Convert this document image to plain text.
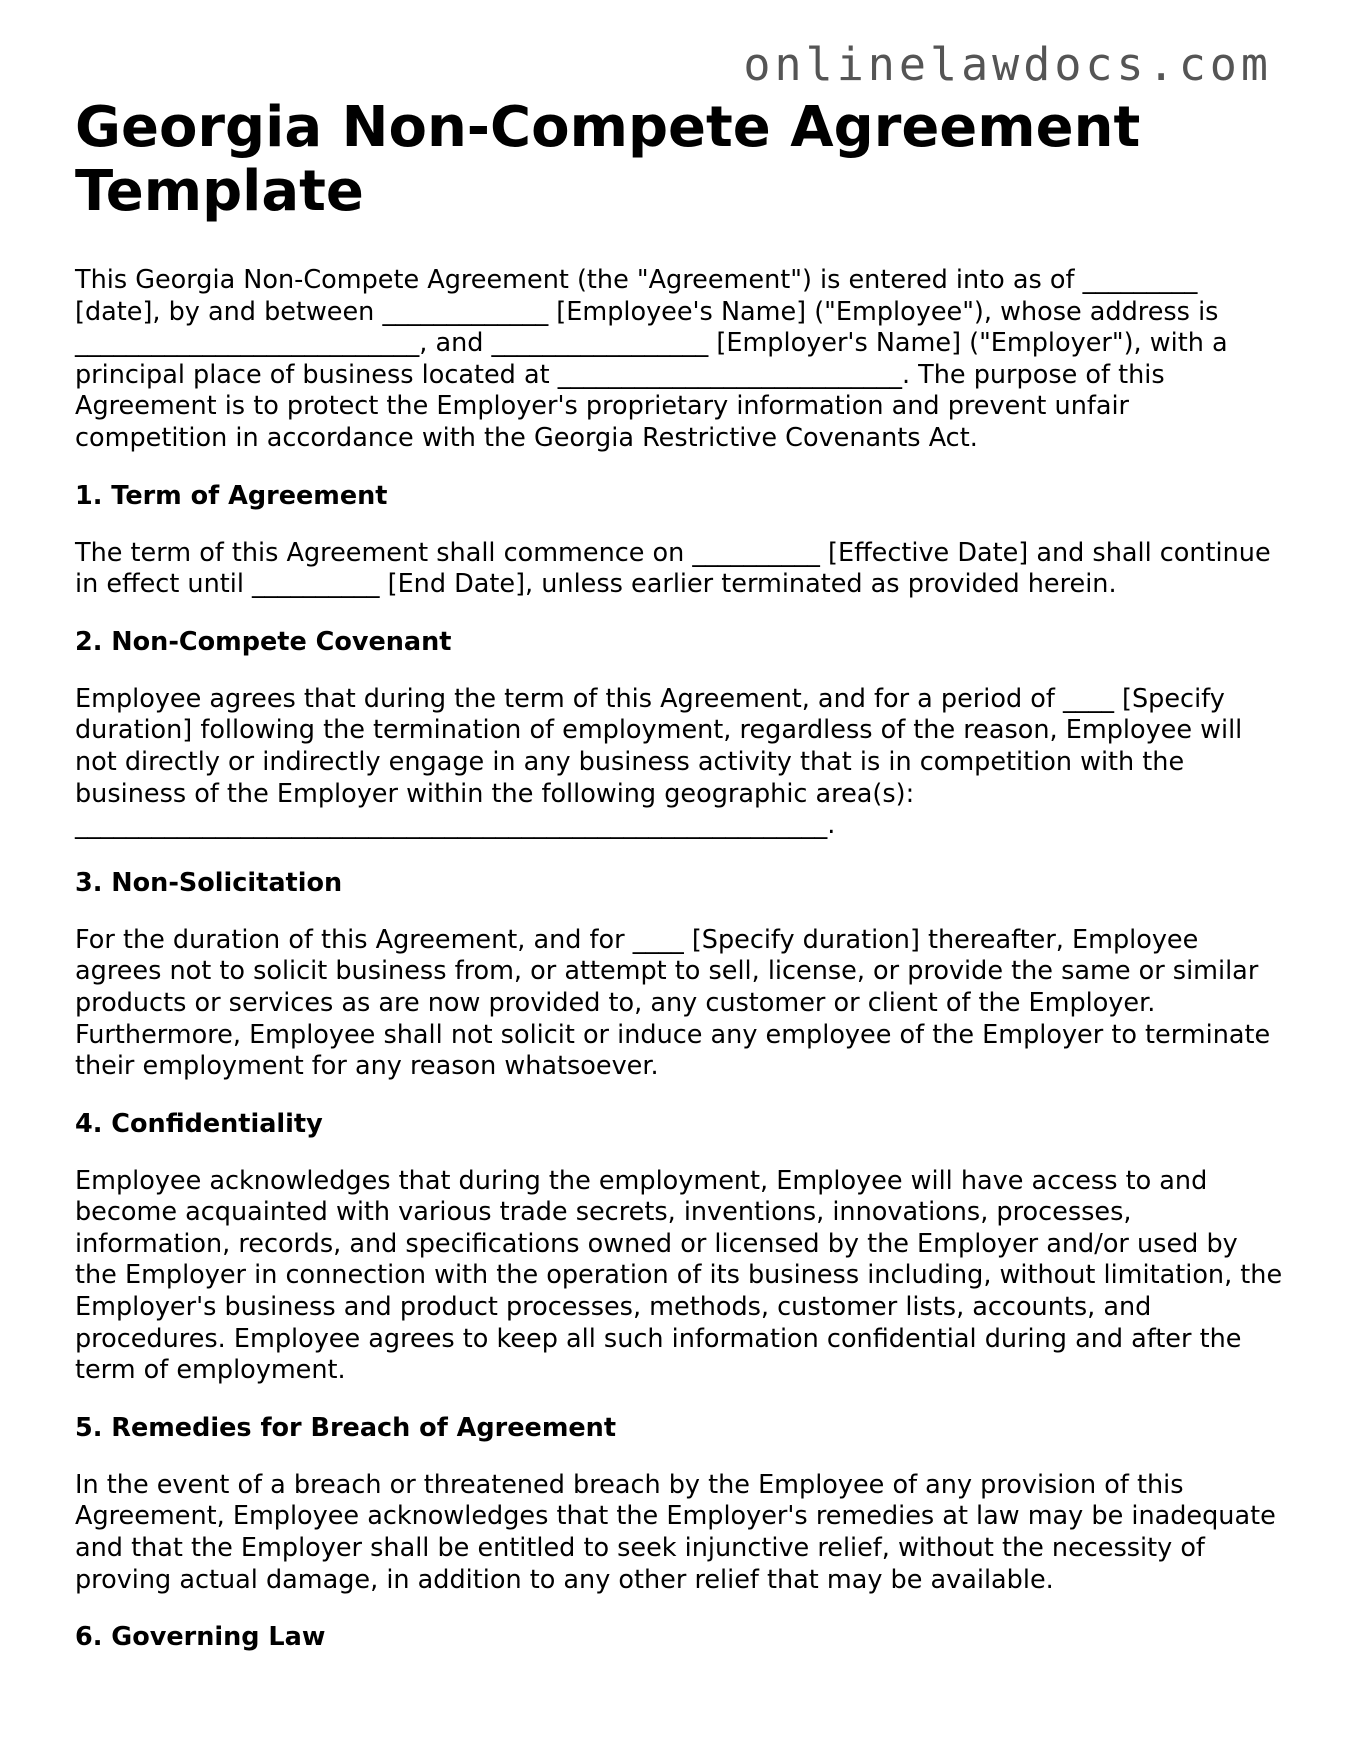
onlinelawdocs.com
Georgia Non-Compete Agreement Template

This Georgia Non-Compete Agreement (the "Agreement") is entered into as of _________ [date], by and between _____________ [Employee's Name] ("Employee"), whose address is ___________________________, and _________________ [Employer's Name] ("Employer"), with a principal place of business located at ___________________________. The purpose of this Agreement is to protect the Employer's proprietary information and prevent unfair competition in accordance with the Georgia Restrictive Covenants Act.

1. Term of Agreement

The term of this Agreement shall commence on __________ [Effective Date] and shall continue in effect until __________ [End Date], unless earlier terminated as provided herein.

2. Non-Compete Covenant

Employee agrees that during the term of this Agreement, and for a period of ____ [Specify duration] following the termination of employment, regardless of the reason, Employee will not directly or indirectly engage in any business activity that is in competition with the business of the Employer within the following geographic area(s):

___________________________________________________________.

3. Non-Solicitation

For the duration of this Agreement, and for ____ [Specify duration] thereafter, Employee agrees not to solicit business from, or attempt to sell, license, or provide the same or similar products or services as are now provided to, any customer or client of the Employer. Furthermore, Employee shall not solicit or induce any employee of the Employer to terminate their employment for any reason whatsoever.

4. Confidentiality

Employee acknowledges that during the employment, Employee will have access to and become acquainted with various trade secrets, inventions, innovations, processes, information, records, and specifications owned or licensed by the Employer and/or used by the Employer in connection with the operation of its business including, without limitation, the Employer's business and product processes, methods, customer lists, accounts, and procedures. Employee agrees to keep all such information confidential during and after the term of employment.

5. Remedies for Breach of Agreement

In the event of a breach or threatened breach by the Employee of any provision of this Agreement, Employee acknowledges that the Employer's remedies at law may be inadequate and that the Employer shall be entitled to seek injunctive relief, without the necessity of proving actual damage, in addition to any other relief that may be available.

6. Governing Law
